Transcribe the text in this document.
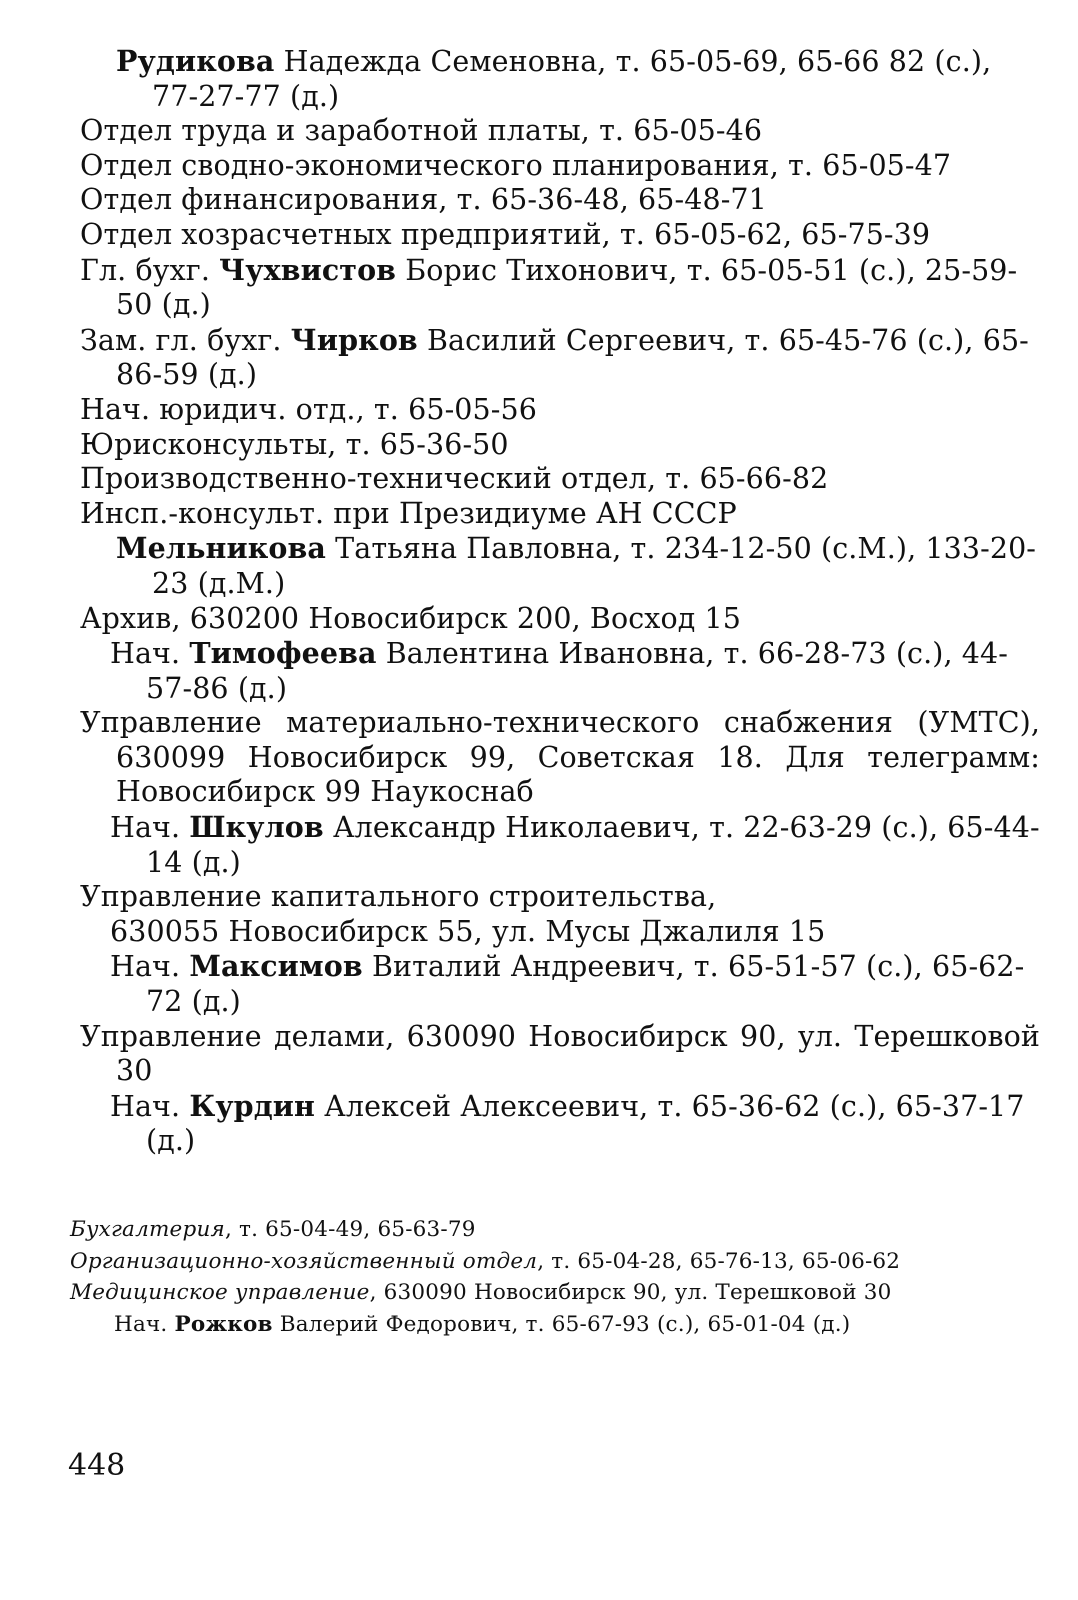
Рудикова Надежда Семеновна, т. 65-05-69, 65-66 82 (с.), 77-27-77 (д.)

Отдел труда и заработной платы, т. 65-05-46

Отдел сводно-экономического планирования, т. 65-05-47

Отдел финансирования, т. 65-36-48, 65-48-71

Отдел хозрасчетных предприятий, т. 65-05-62, 65-75-39

Гл. бухг. Чухвистов Борис Тихонович, т. 65-05-51 (с.), 25-59-50 (д.)

Зам. гл. бухг. Чирков Василий Сергеевич, т. 65-45-76 (с.), 65-86-59 (д.)

Нач. юридич. отд., т. 65-05-56

Юрисконсульты, т. 65-36-50

Производственно-технический отдел, т. 65-66-82

Инсп.-консульт. при Президиуме АН СССР

Мельникова Татьяна Павловна, т. 234-12-50 (с.М.), 133-20-23 (д.М.)

Архив, 630200 Новосибирск 200, Восход 15

Нач. Тимофеева Валентина Ивановна, т. 66-28-73 (с.), 44-57-86 (д.)

Управление материально-технического снабжения (УМТС), 630099 Новосибирск 99, Советская 18. Для телеграмм: Новосибирск 99 Наукоснаб

Нач. Шкулов Александр Николаевич, т. 22-63-29 (с.), 65-44-14 (д.)

Управление капитального строительства,

630055 Новосибирск 55, ул. Мусы Джалиля 15

Нач. Максимов Виталий Андреевич, т. 65-51-57 (с.), 65-62-72 (д.)

Управление делами, 630090 Новосибирск 90, ул. Терешковой 30

Нач. Курдин Алексей Алексеевич, т. 65-36-62 (с.), 65-37-17 (д.)

Бухгалтерия, т. 65-04-49, 65-63-79

Организационно-хозяйственный отдел, т. 65-04-28, 65-76-13, 65-06-62

Медицинское управление, 630090 Новосибирск 90, ул. Терешковой 30

Нач. Рожков Валерий Федорович, т. 65-67-93 (с.), 65-01-04 (д.)

448
